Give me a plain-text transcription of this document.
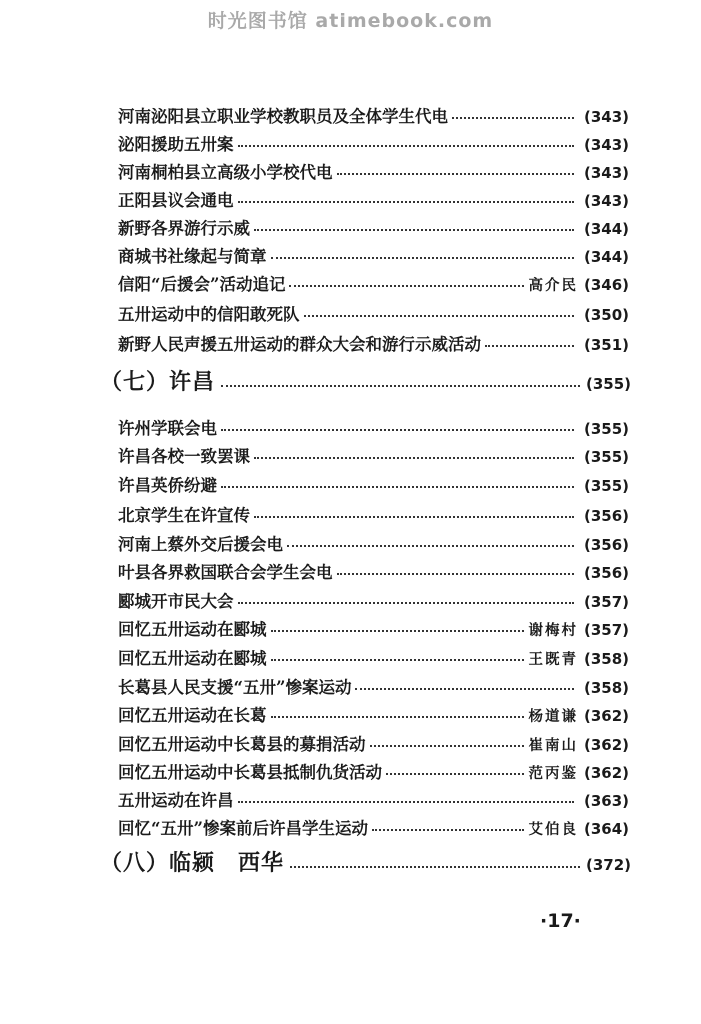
时光图书馆 atimebook.com
河南泌阳县立职业学校教职员及全体学生代电	(343)
泌阳援助五卅案	(343)
河南桐柏县立高级小学校代电	(343)
正阳县议会通电	(343)
新野各界游行示威	(344)
商城书社缘起与简章	(344)
信阳“后援会”活动追记	高介民 (346)
五卅运动中的信阳敢死队	(350)
新野人民声援五卅运动的群众大会和游行示威活动	(351)
（七）许昌	(355)
许州学联会电	(355)
许昌各校一致罢课	(355)
许昌英侨纷避	(355)
北京学生在许宣传	(356)
河南上蔡外交后援会电	(356)
叶县各界救国联合会学生会电	(356)
郾城开市民大会	(357)
回忆五卅运动在郾城	谢梅村 (357)
回忆五卅运动在郾城	王既青 (358)
长葛县人民支援“五卅”惨案运动	(358)
回忆五卅运动在长葛	杨道谦 (362)
回忆五卅运动中长葛县的募捐活动	崔南山 (362)
回忆五卅运动中长葛县抵制仇货活动	范丙鉴 (362)
五卅运动在许昌	(363)
回忆“五卅”惨案前后许昌学生运动	艾伯良 (364)
（八）临颍　西华	(372)
·17·
